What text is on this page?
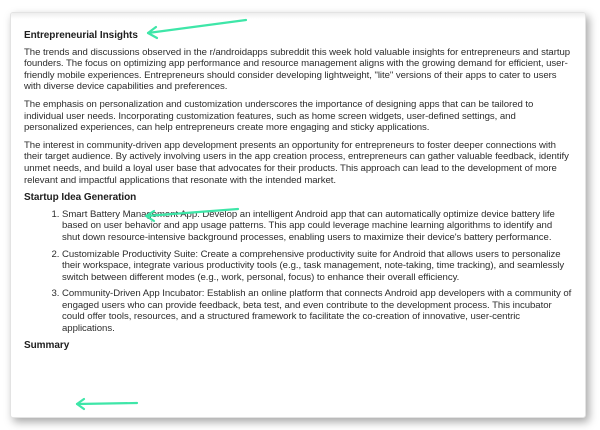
Entrepreneurial Insights

The trends and discussions observed in the r/androidapps subreddit this week hold valuable insights for entrepreneurs and startup founders. The focus on optimizing app performance and resource management aligns with the growing demand for efficient, user-friendly mobile experiences. Entrepreneurs should consider developing lightweight, "lite" versions of their apps to cater to users with diverse device capabilities and preferences.

The emphasis on personalization and customization underscores the importance of designing apps that can be tailored to individual user needs. Incorporating customization features, such as home screen widgets, user-defined settings, and personalized experiences, can help entrepreneurs create more engaging and sticky applications.

The interest in community-driven app development presents an opportunity for entrepreneurs to foster deeper connections with their target audience. By actively involving users in the app creation process, entrepreneurs can gather valuable feedback, identify unmet needs, and build a loyal user base that advocates for their products. This approach can lead to the development of more relevant and impactful applications that resonate with the intended market.

Startup Idea Generation
1. Smart Battery Management App: Develop an intelligent Android app that can automatically optimize device battery life based on user behavior and app usage patterns. This app could leverage machine learning algorithms to identify and shut down resource-intensive background processes, enabling users to maximize their device's battery performance.
2. Customizable Productivity Suite: Create a comprehensive productivity suite for Android that allows users to personalize their workspace, integrate various productivity tools (e.g., task management, note-taking, time tracking), and seamlessly switch between different modes (e.g., work, personal, focus) to enhance their overall efficiency.
3. Community-Driven App Incubator: Establish an online platform that connects Android app developers with a community of engaged users who can provide feedback, beta test, and even contribute to the development process. This incubator could offer tools, resources, and a structured framework to facilitate the co-creation of innovative, user-centric applications.
Summary
